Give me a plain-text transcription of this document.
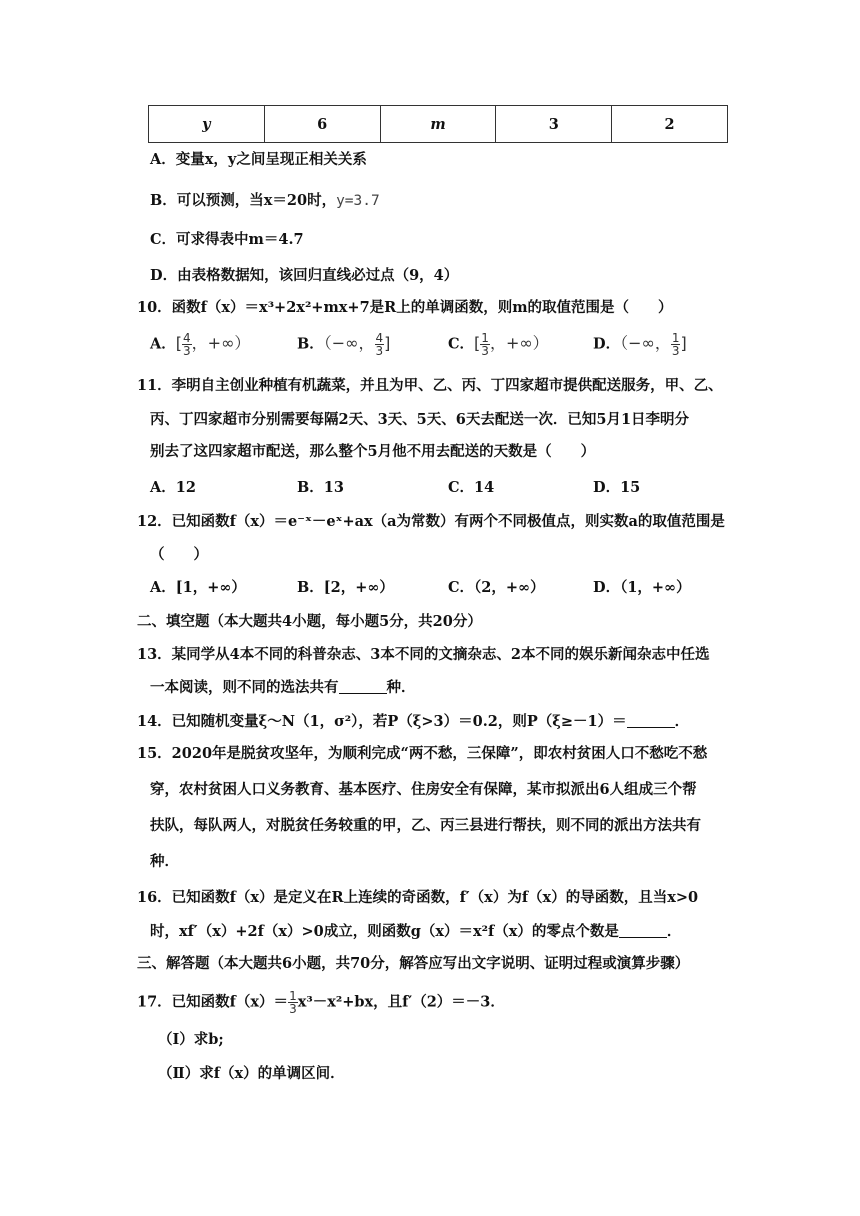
y	6	m	3	2
A．变量x，y之间呈现正相关关系
B．可以预测，当x＝20时，y=3.7
C．可求得表中m＝4.7
D．由表格数据知，该回归直线必过点（9，4）
10．函数f（x）＝x³+2x²+mx+7是R上的单调函数，则m的取值范围是（　　）
A．[ $\frac{4}{3}$ ，+∞）	B．（−∞， $\frac{4}{3}$ ]	C．[ $\frac{1}{3}$ ，+∞）	D．（−∞， $\frac{1}{3}$ ]
11．李明自主创业种植有机蔬菜，并且为甲、乙、丙、丁四家超市提供配送服务，甲、乙、
丙、丁四家超市分别需要每隔2天、3天、5天、6天去配送一次．已知5月1日李明分
别去了这四家超市配送，那么整个5月他不用去配送的天数是（　　）
A．12	B．13	C．14	D．15
12．已知函数f（x）＝e⁻ˣ－eˣ+ax（a为常数）有两个不同极值点，则实数a的取值范围是
（　　）
A．[1，+∞）	B．[2，+∞）	C．（2，+∞）	D．（1，+∞）
二、填空题（本大题共4小题，每小题5分，共20分）
13．某同学从4本不同的科普杂志、3本不同的文摘杂志、2本不同的娱乐新闻杂志中任选
一本阅读，则不同的选法共有	种．
14．已知随机变量ξ～N（1，σ²），若P（ξ>3）＝0.2，则P（ξ≥－1）＝	．
15．2020年是脱贫攻坚年，为顺利完成“两不愁，三保障”，即农村贫困人口不愁吃不愁
穿，农村贫困人口义务教育、基本医疗、住房安全有保障，某市拟派出6人组成三个帮
扶队，每队两人，对脱贫任务较重的甲，乙、丙三县进行帮扶，则不同的派出方法共有
种．
16．已知函数f（x）是定义在R上连续的奇函数，f′（x）为f（x）的导函数，且当x>0
时，xf′（x）+2f（x）>0成立，则函数g（x）＝x²f（x）的零点个数是	．
三、解答题（本大题共6小题，共70分，解答应写出文字说明、证明过程或演算步骤）
17．已知函数$f(x)= \frac{1}{3} x^3-x^2+bx$，且f′（2）＝－3．
（Ⅰ）求b;
（Ⅱ）求f（x）的单调区间．
